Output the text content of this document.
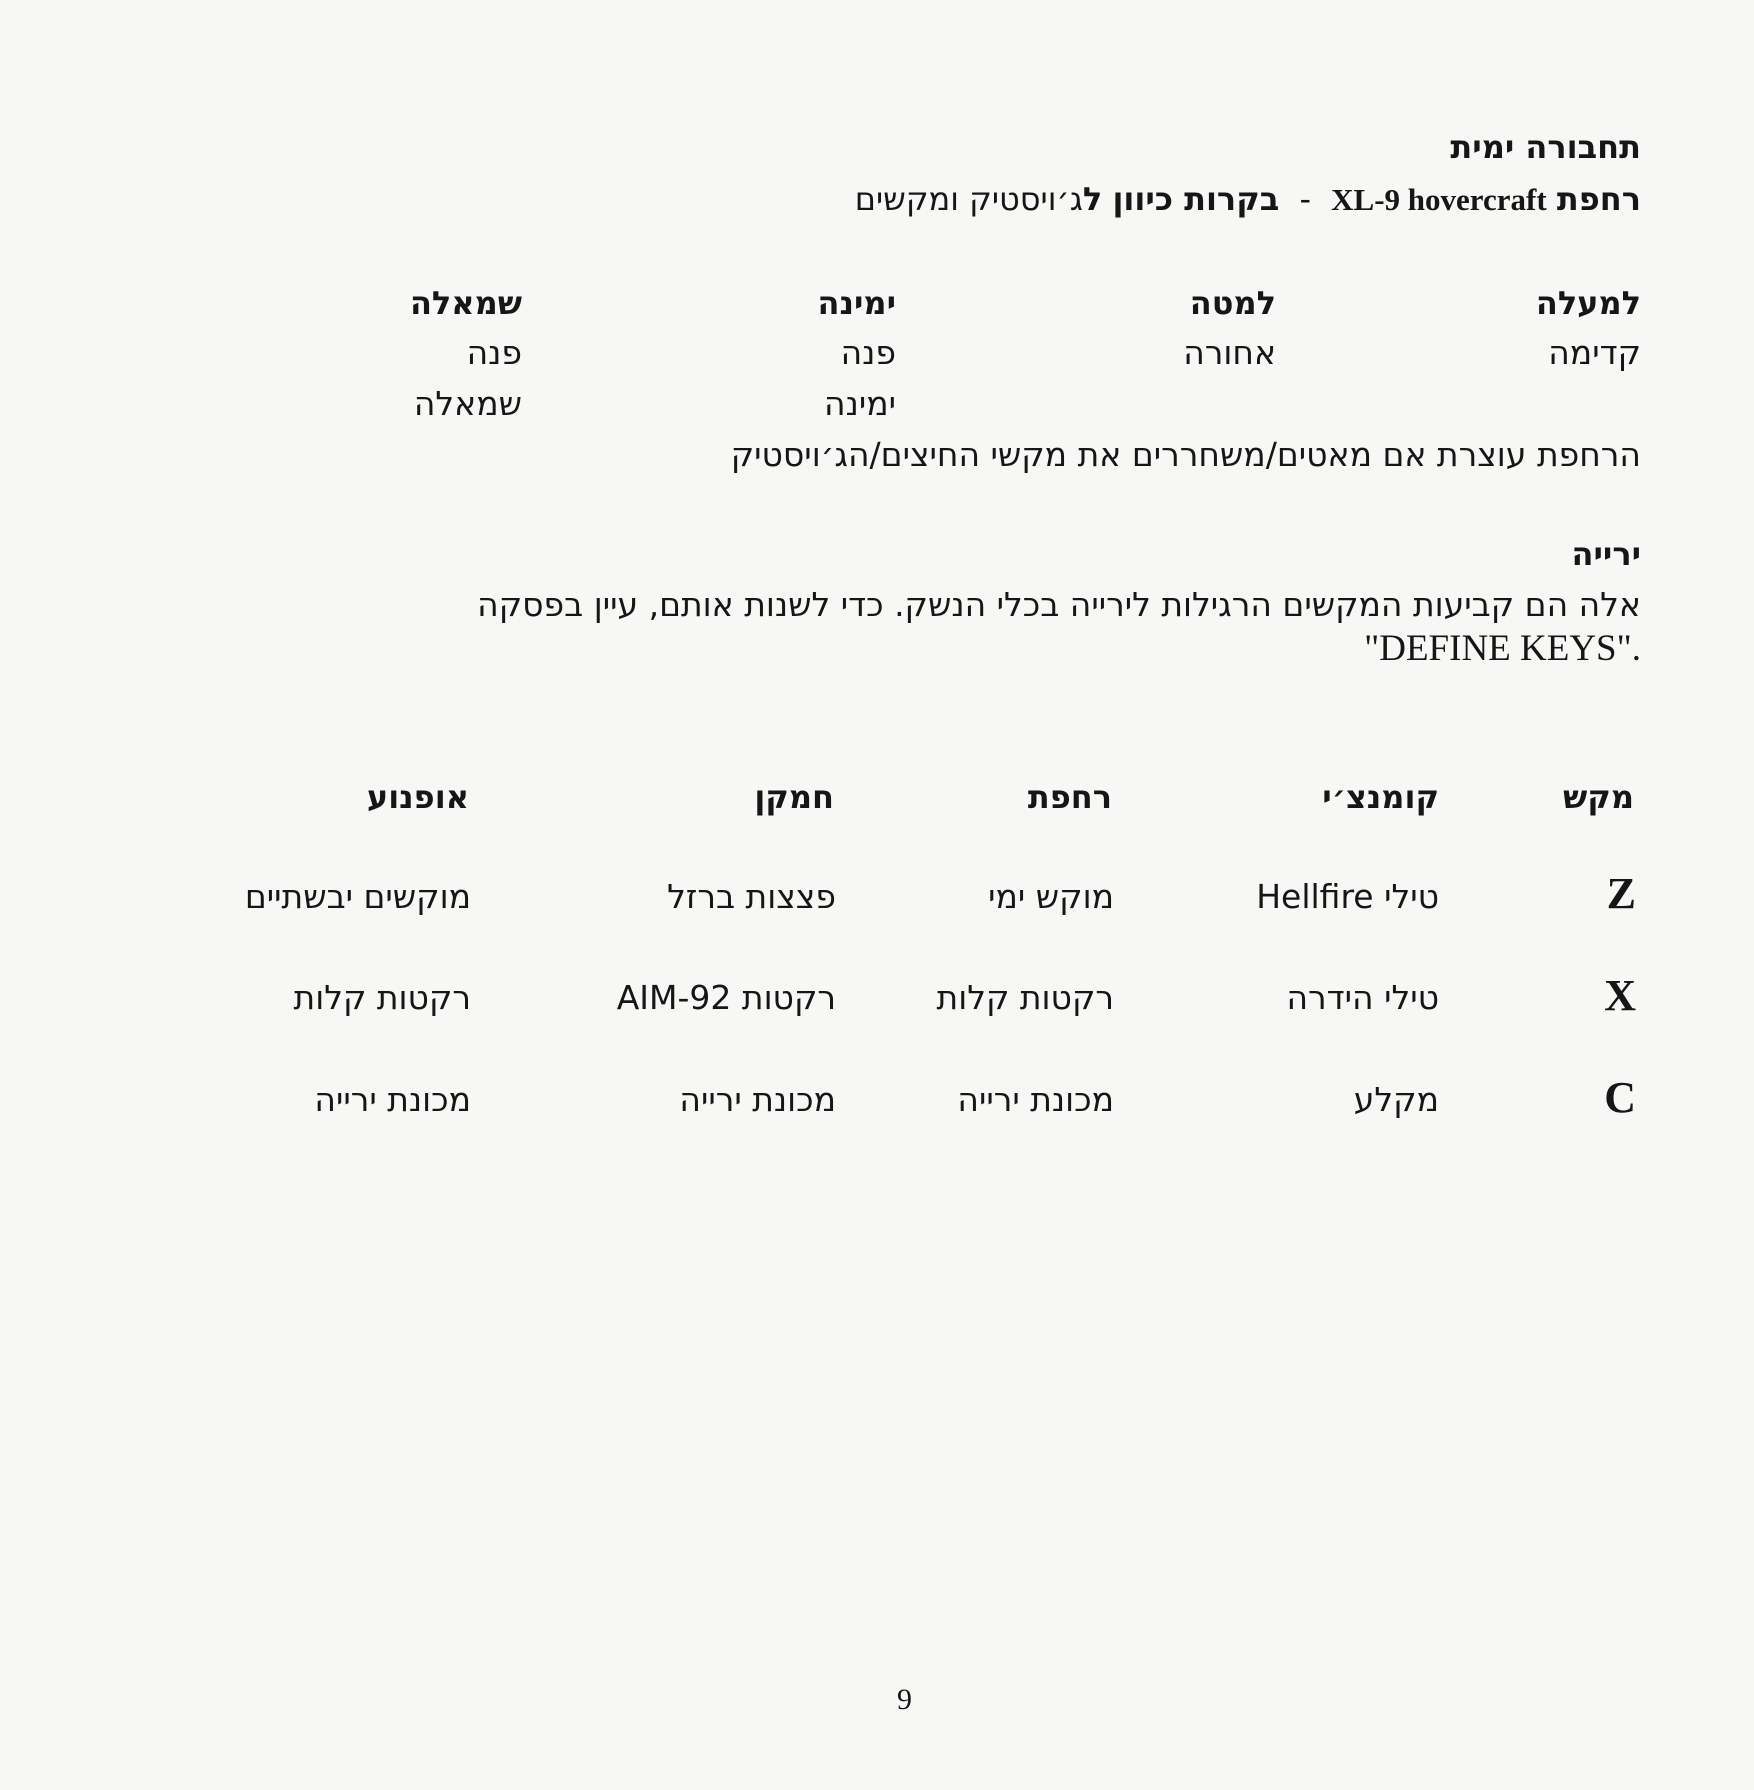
תחבורה ימית
רחפת XL-9 hovercraft - בקרות כיוון לג׳ויסטיק ומקשים
למעלה
למטה
ימינה
שמאלה
קדימה
אחורה
פנה
פנה
ימינה
שמאלה
הרחפת עוצרת אם מאטים/משחררים את מקשי החיצים/הג׳ויסטיק
ירייה
אלה הם קביעות המקשים הרגילות לירייה בכלי הנשק. כדי לשנות אותם, עיין בפסקה
"DEFINE KEYS".
מקש
קומנצ׳י
רחפת
חמקן
אופנוע
Z
טילי Hellfire
מוקש ימי
פצצות ברזל
מוקשים יבשתיים
X
טילי הידרה
רקטות קלות
רקטות AIM-92
רקטות קלות
C
מקלע
מכונת ירייה
מכונת ירייה
מכונת ירייה
9
